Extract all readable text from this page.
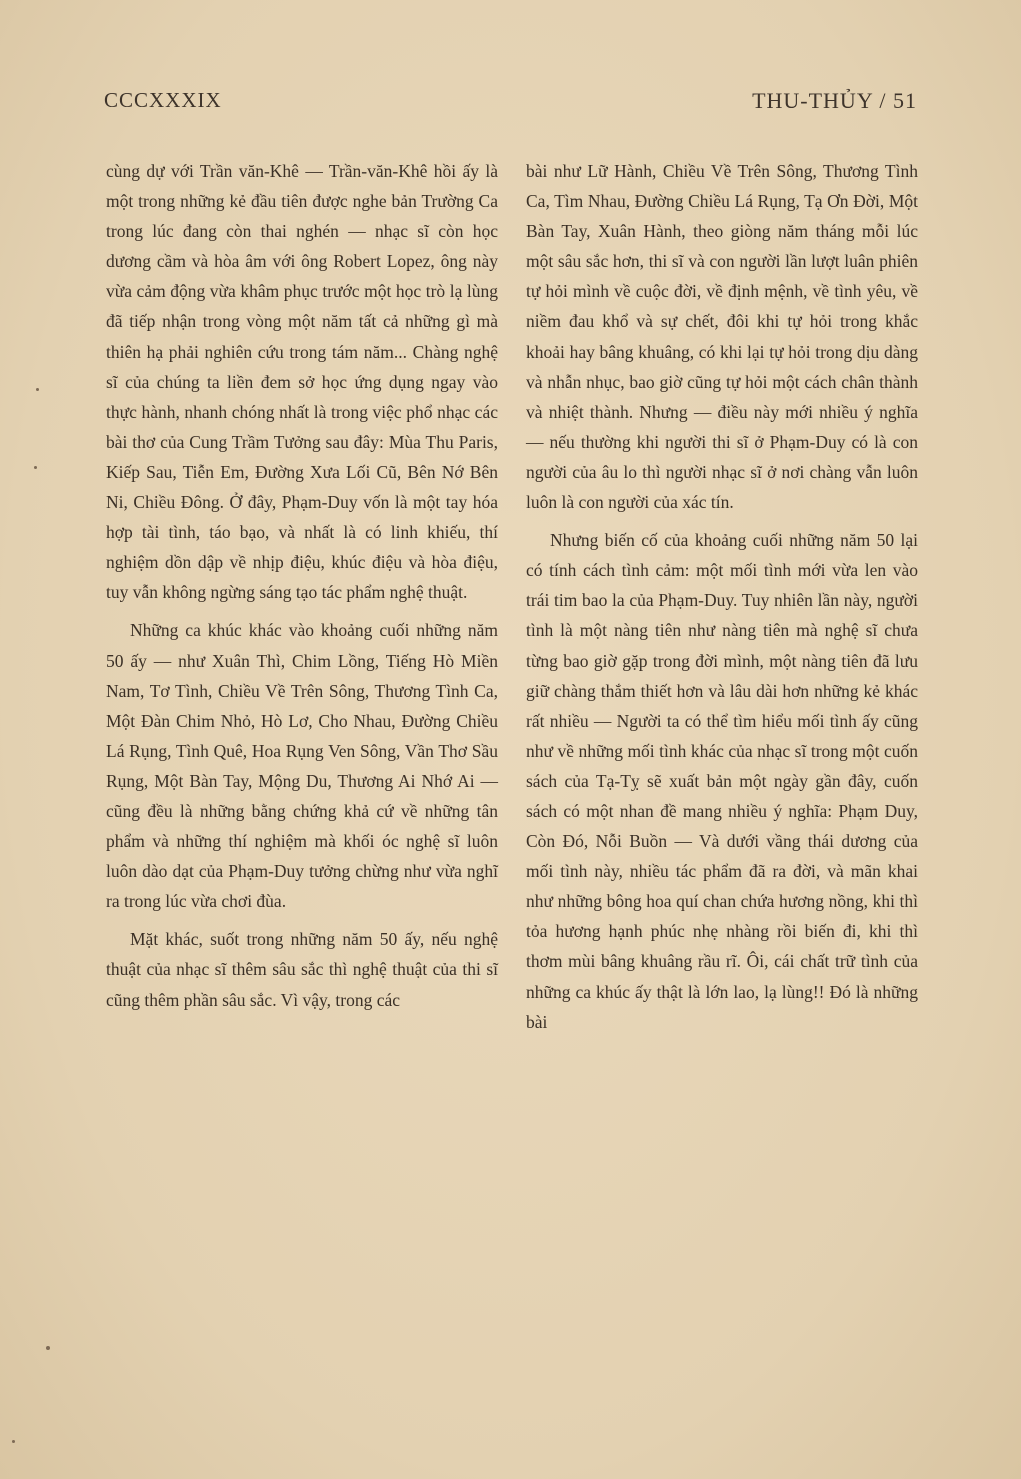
CCCXXXIX	THU-THỦY / 51

cùng dự với Trần văn-Khê — Trần-văn-Khê hồi ấy là một trong những kẻ đầu tiên được nghe bản Trường Ca trong lúc đang còn thai nghén — nhạc sĩ còn học dương cầm và hòa âm với ông Robert Lopez, ông này vừa cảm động vừa khâm phục trước một học trò lạ lùng đã tiếp nhận trong vòng một năm tất cả những gì mà thiên hạ phải nghiên cứu trong tám năm... Chàng nghệ sĩ của chúng ta liền đem sở học ứng dụng ngay vào thực hành, nhanh chóng nhất là trong việc phổ nhạc các bài thơ của Cung Trầm Tưởng sau đây: Mùa Thu Paris, Kiếp Sau, Tiễn Em, Đường Xưa Lối Cũ, Bên Nớ Bên Ni, Chiều Đông. Ở đây, Phạm-Duy vốn là một tay hóa hợp tài tình, táo bạo, và nhất là có linh khiếu, thí nghiệm dồn dập về nhịp điệu, khúc điệu và hòa điệu, tuy vẫn không ngừng sáng tạo tác phẩm nghệ thuật.

Những ca khúc khác vào khoảng cuối những năm 50 ấy — như Xuân Thì, Chim Lồng, Tiếng Hò Miền Nam, Tơ Tình, Chiều Về Trên Sông, Thương Tình Ca, Một Đàn Chim Nhỏ, Hò Lơ, Cho Nhau, Đường Chiều Lá Rụng, Tình Quê, Hoa Rụng Ven Sông, Vần Thơ Sầu Rụng, Một Bàn Tay, Mộng Du, Thương Ai Nhớ Ai — cũng đều là những bằng chứng khả cứ về những tân phẩm và những thí nghiệm mà khối óc nghệ sĩ luôn luôn dào dạt của Phạm-Duy tưởng chừng như vừa nghĩ ra trong lúc vừa chơi đùa.

Mặt khác, suốt trong những năm 50 ấy, nếu nghệ thuật của nhạc sĩ thêm sâu sắc thì nghệ thuật của thi sĩ cũng thêm phần sâu sắc. Vì vậy, trong các

bài như Lữ Hành, Chiều Về Trên Sông, Thương Tình Ca, Tìm Nhau, Đường Chiều Lá Rụng, Tạ Ơn Đời, Một Bàn Tay, Xuân Hành, theo giòng năm tháng mỗi lúc một sâu sắc hơn, thi sĩ và con người lần lượt luân phiên tự hỏi mình về cuộc đời, về định mệnh, về tình yêu, về niềm đau khổ và sự chết, đôi khi tự hỏi trong khắc khoải hay bâng khuâng, có khi lại tự hỏi trong dịu dàng và nhẫn nhục, bao giờ cũng tự hỏi một cách chân thành và nhiệt thành. Nhưng — điều này mới nhiều ý nghĩa — nếu thường khi người thi sĩ ở Phạm-Duy có là con người của âu lo thì người nhạc sĩ ở nơi chàng vẫn luôn luôn là con người của xác tín.

Nhưng biến cố của khoảng cuối những năm 50 lại có tính cách tình cảm: một mối tình mới vừa len vào trái tim bao la của Phạm-Duy. Tuy nhiên lần này, người tình là một nàng tiên như nàng tiên mà nghệ sĩ chưa từng bao giờ gặp trong đời mình, một nàng tiên đã lưu giữ chàng thắm thiết hơn và lâu dài hơn những kẻ khác rất nhiều — Người ta có thể tìm hiểu mối tình ấy cũng như về những mối tình khác của nhạc sĩ trong một cuốn sách của Tạ-Tỵ sẽ xuất bản một ngày gần đây, cuốn sách có một nhan đề mang nhiều ý nghĩa: Phạm Duy, Còn Đó, Nỗi Buồn — Và dưới vầng thái dương của mối tình này, nhiều tác phẩm đã ra đời, và mãn khai như những bông hoa quí chan chứa hương nồng, khi thì tỏa hương hạnh phúc nhẹ nhàng rồi biến đi, khi thì thơm mùi bâng khuâng rầu rĩ. Ôi, cái chất trữ tình của những ca khúc ấy thật là lớn lao, lạ lùng!! Đó là những bài
